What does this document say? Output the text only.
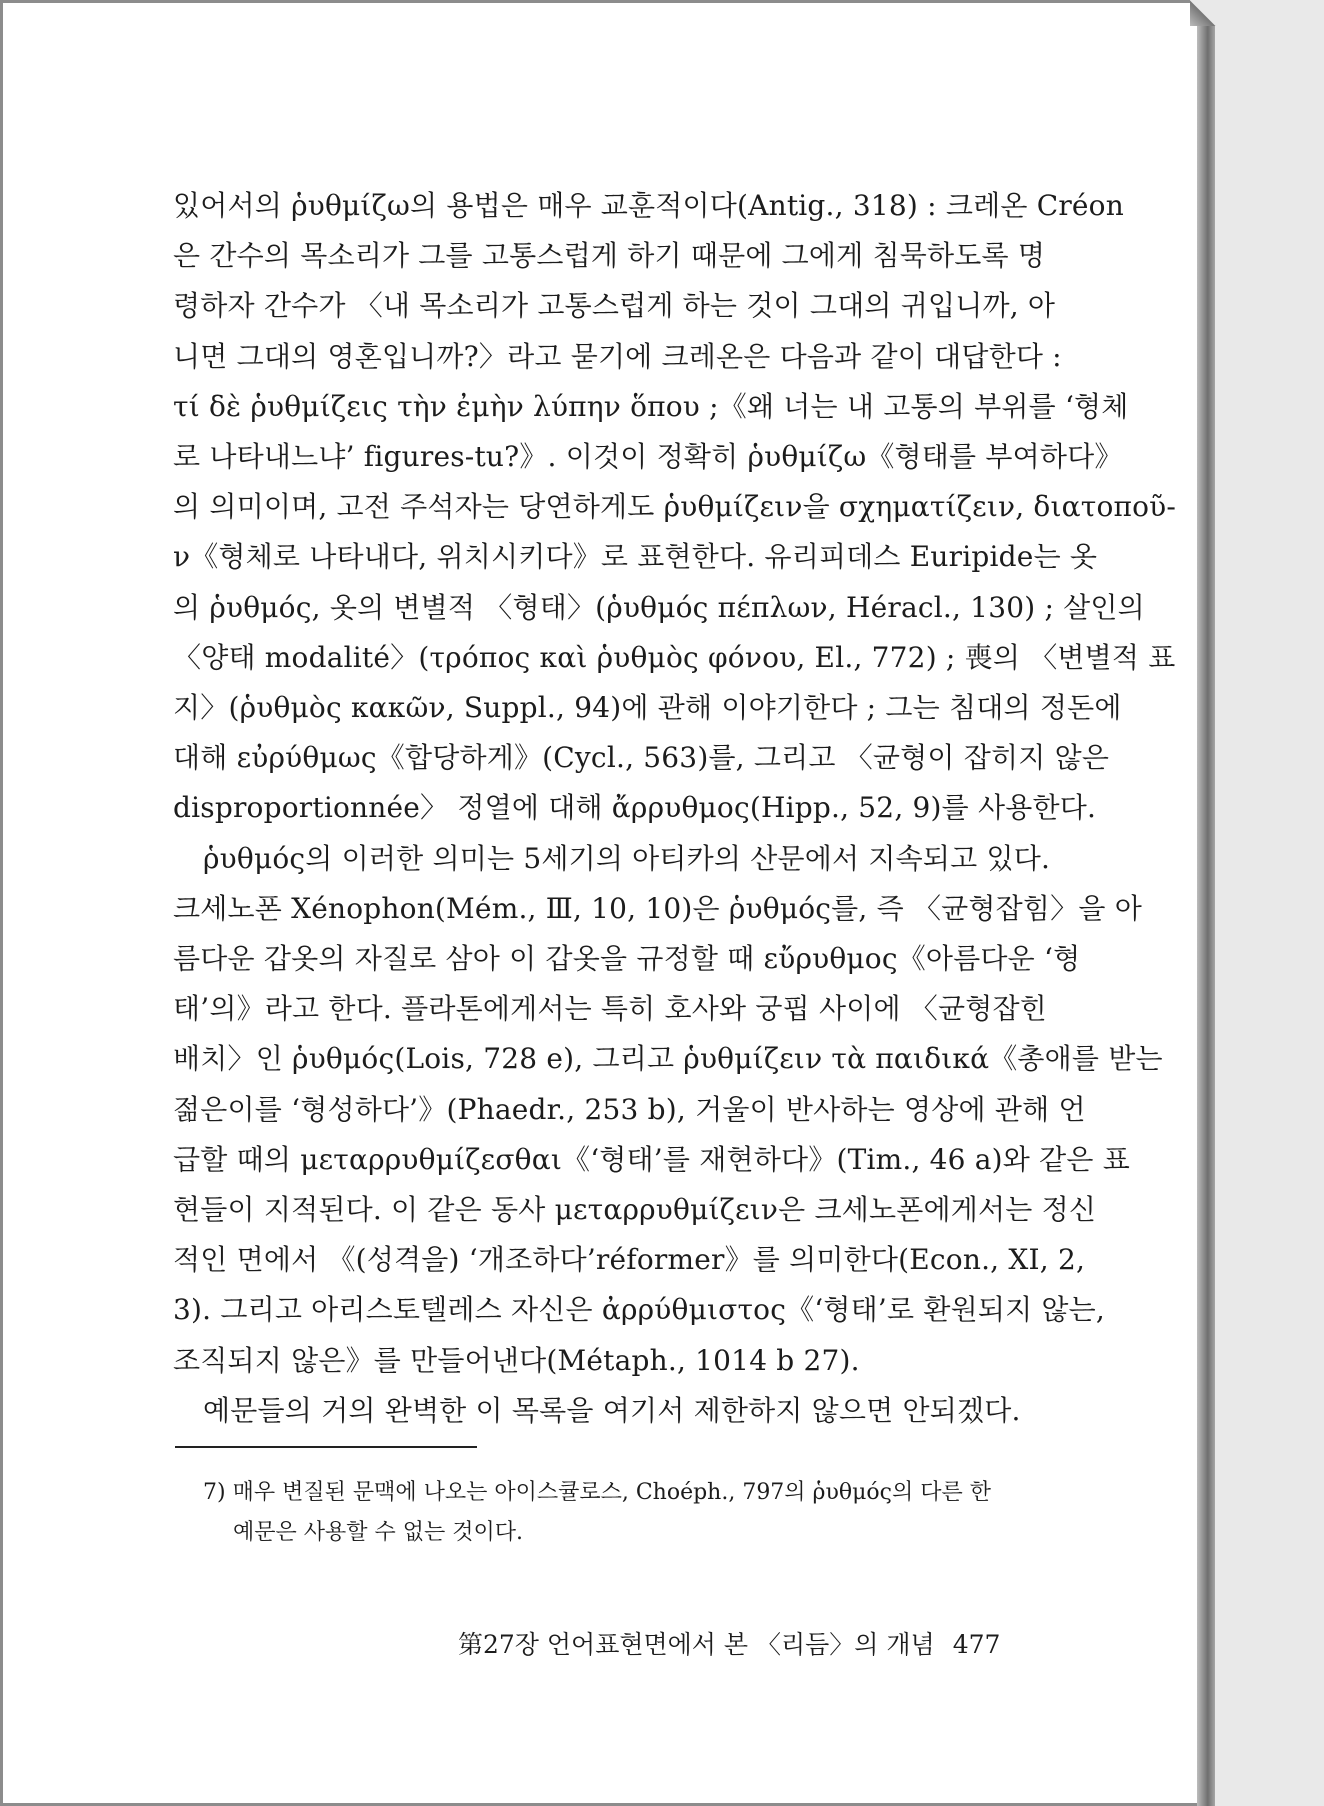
있어서의 ῥυθμίζω의 용법은 매우 교훈적이다(Antig., 318) : 크레온 Créon
은 간수의 목소리가 그를 고통스럽게 하기 때문에 그에게 침묵하도록 명
령하자 간수가 〈내 목소리가 고통스럽게 하는 것이 그대의 귀입니까, 아
니면 그대의 영혼입니까?〉라고 묻기에 크레온은 다음과 같이 대답한다 :
τί δὲ ῥυθμίζεις τὴν ἐμὴν λύπην ὅπου ;《왜 너는 내 고통의 부위를 ‘형체
로 나타내느냐’ figures-tu?》. 이것이 정확히 ῥυθμίζω《형태를 부여하다》
의 의미이며, 고전 주석자는 당연하게도 ῥυθμίζειν을 σχηματίζειν, διατοποῦ-
ν《형체로 나타내다, 위치시키다》로 표현한다. 유리피데스 Euripide는 옷
의 ῥυθμός, 옷의 변별적 〈형태〉(ῥυθμός πέπλων, Héracl., 130) ; 살인의
〈양태 modalité〉(τρόπος καὶ ῥυθμὸς φόνου, El., 772) ; 喪의 〈변별적 표
지〉(ῥυθμὸς κακῶν, Suppl., 94)에 관해 이야기한다 ; 그는 침대의 정돈에
대해 εὐρύθμως《합당하게》(Cycl., 563)를, 그리고 〈균형이 잡히지 않은
disproportionnée〉 정열에 대해 ἄρρυθμος(Hipp., 52, 9)를 사용한다.
ῥυθμός의 이러한 의미는 5세기의 아티카의 산문에서 지속되고 있다.
크세노폰 Xénophon(Mém., Ⅲ, 10, 10)은 ῥυθμός를, 즉 〈균형잡힘〉을 아
름다운 갑옷의 자질로 삼아 이 갑옷을 규정할 때 εὔρυθμος《아름다운 ‘형
태’의》라고 한다. 플라톤에게서는 특히 호사와 궁핍 사이에 〈균형잡힌
배치〉인 ῥυθμός(Lois, 728 e), 그리고 ῥυθμίζειν τὰ παιδικά《총애를 받는
젊은이를 ‘형성하다’》(Phaedr., 253 b), 거울이 반사하는 영상에 관해 언
급할 때의 μεταρρυθμίζεσθαι《‘형태’를 재현하다》(Tim., 46 a)와 같은 표
현들이 지적된다. 이 같은 동사 μεταρρυθμίζειν은 크세노폰에게서는 정신
적인 면에서 《(성격을) ‘개조하다’réformer》를 의미한다(Econ., XI, 2,
3). 그리고 아리스토텔레스 자신은 ἀρρύθμιστος《‘형태’로 환원되지 않는,
조직되지 않은》를 만들어낸다(Métaph., 1014 b 27).
예문들의 거의 완벽한 이 목록을 여기서 제한하지 않으면 안되겠다.
7) 매우 변질된 문맥에 나오는 아이스큘로스, Choéph., 797의 ῥυθμός의 다른 한
예문은 사용할 수 없는 것이다.
第27장 언어표현면에서 본 〈리듬〉의 개념 477
